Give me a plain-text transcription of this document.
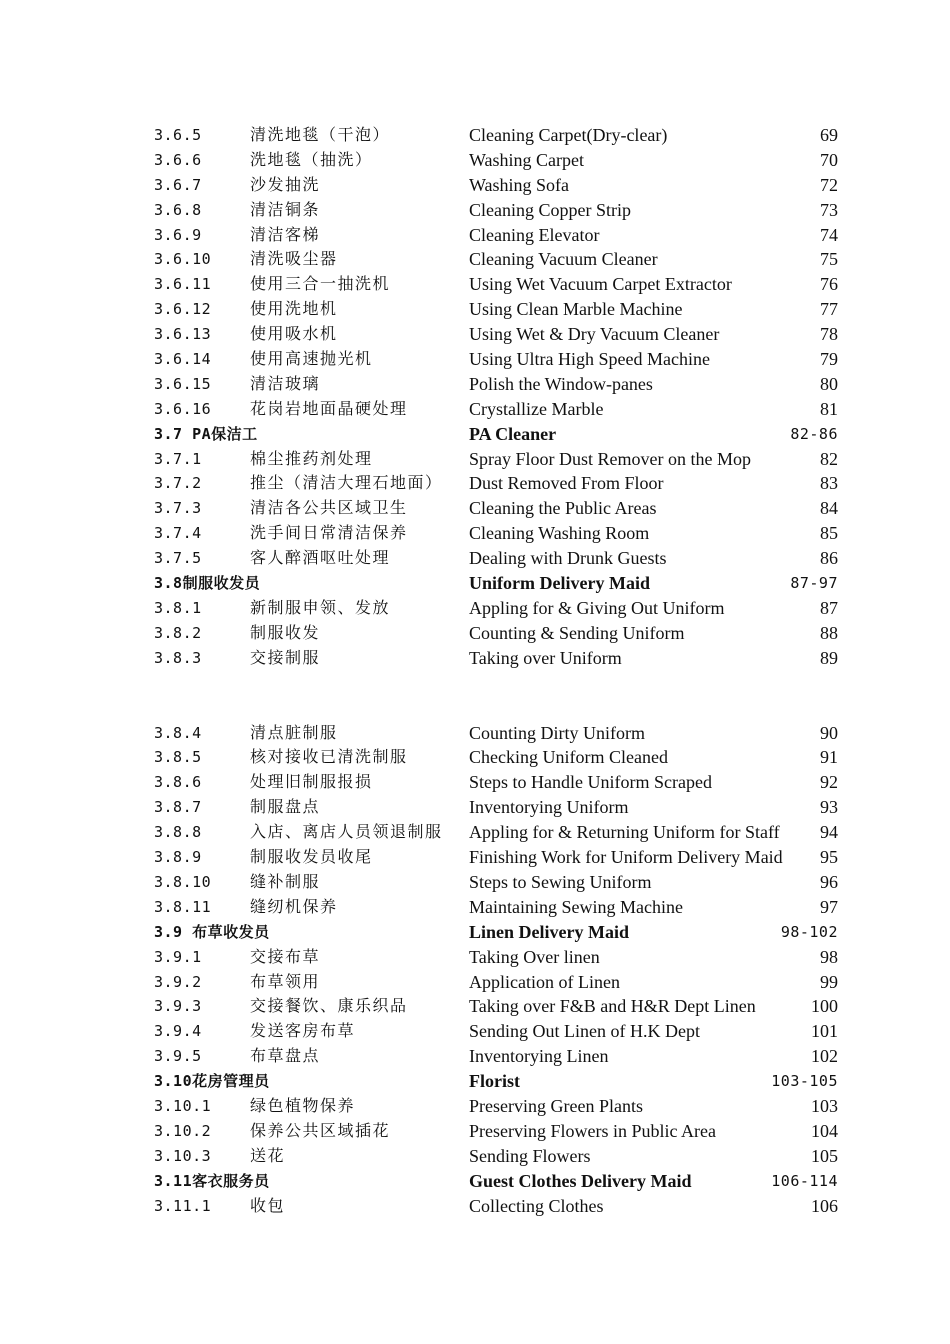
3.6.5	清洗地毯（干泡）	Cleaning Carpet(Dry-clear)	69
3.6.6	洗地毯（抽洗）	Washing Carpet	70
3.6.7	沙发抽洗	Washing Sofa	72
3.6.8	清洁铜条	Cleaning Copper Strip	73
3.6.9	清洁客梯	Cleaning Elevator	74
3.6.10 清洗吸尘器	Cleaning Vacuum Cleaner	75
3.6.11 使用三合一抽洗机	Using Wet Vacuum Carpet Extractor	76
3.6.12 使用洗地机	Using Clean Marble Machine	77
3.6.13 使用吸水机	Using Wet & Dry Vacuum Cleaner	78
3.6.14 使用高速抛光机	Using Ultra High Speed Machine	79
3.6.15 清洁玻璃	Polish the Window-panes	80
3.6.16 花岗岩地面晶硬处理	Crystallize Marble	81
3.7 PA保洁工	PA Cleaner	82-86
3.7.1	棉尘推药剂处理	Spray Floor Dust Remover on the Mop	82
3.7.2	推尘（清洁大理石地面） Dust Removed From Floor	83
3.7.3	清洁各公共区域卫生	Cleaning the Public Areas	84
3.7.4	洗手间日常清洁保养	Cleaning Washing Room	85
3.7.5	客人醉酒呕吐处理	Dealing with Drunk Guests	86
3.8制服收发员	Uniform Delivery Maid	87-97
3.8.1	新制服申领、发放	Appling for & Giving Out Uniform	87
3.8.2	制服收发	Counting & Sending Uniform	88
3.8.3	交接制服	Taking over Uniform	89
3.8.4	清点脏制服	Counting Dirty Uniform	90
3.8.5	核对接收已清洗制服	Checking Uniform Cleaned	91
3.8.6	处理旧制服报损	Steps to Handle Uniform Scraped	92
3.8.7	制服盘点	Inventorying Uniform	93
3.8.8	入店、离店人员领退制服 Appling for & Returning Uniform for Staff 94
3.8.9	制服收发员收尾	Finishing Work for Uniform Delivery Maid 95
3.8.10 缝补制服	Steps to Sewing Uniform	96
3.8.11 缝纫机保养	Maintaining Sewing Machine	97
3.9 布草收发员	Linen Delivery Maid	98-102
3.9.1	交接布草	Taking Over linen	98
3.9.2	布草领用	Application of Linen	99
3.9.3	交接餐饮、康乐织品	Taking over F&B and H&R Dept Linen	100
3.9.4	发送客房布草	Sending Out Linen of H.K Dept	101
3.9.5	布草盘点	Inventorying Linen	102
3.10花房管理员	Florist	103-105
3.10.1 绿色植物保养	Preserving Green Plants	103
3.10.2 保养公共区域插花	Preserving Flowers in Public Area	104
3.10.3 送花	Sending Flowers	105
3.11客衣服务员	Guest Clothes Delivery Maid	106-114
3.11.1 收包	Collecting Clothes	106
